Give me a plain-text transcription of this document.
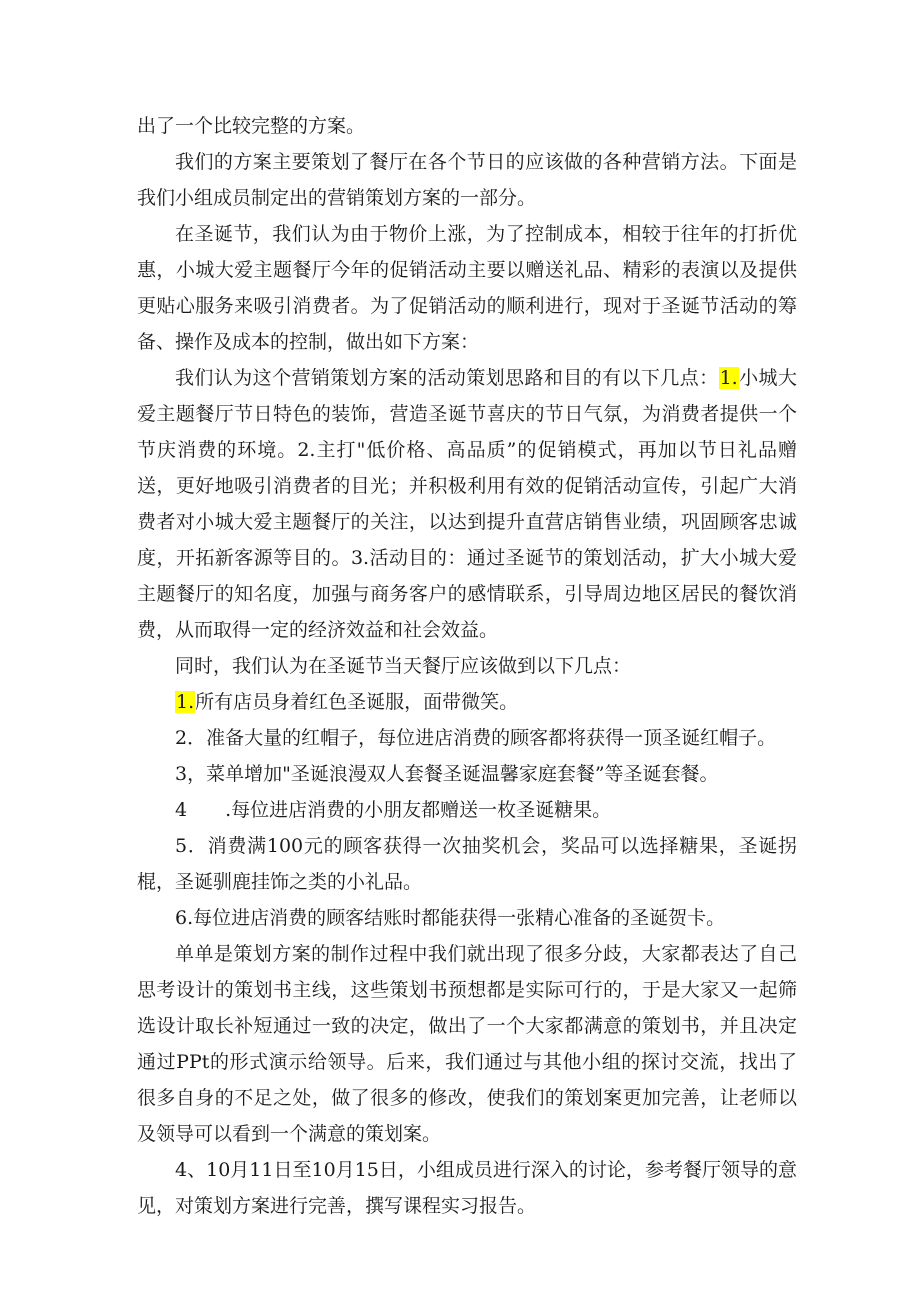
出了一个比较完整的方案。

我们的方案主要策划了餐厅在各个节日的应该做的各种营销方法。下面是我们小组成员制定出的营销策划方案的一部分。

在圣诞节，我们认为由于物价上涨，为了控制成本，相较于往年的打折优惠，小城大爱主题餐厅今年的促销活动主要以赠送礼品、精彩的表演以及提供更贴心服务来吸引消费者。为了促销活动的顺利进行，现对于圣诞节活动的筹备、操作及成本的控制，做出如下方案：

我们认为这个营销策划方案的活动策划思路和目的有以下几点：1.小城大爱主题餐厅节日特色的装饰，营造圣诞节喜庆的节日气氛，为消费者提供一个节庆消费的环境。2.主打"低价格、高品质”的促销模式，再加以节日礼品赠送，更好地吸引消费者的目光；并积极利用有效的促销活动宣传，引起广大消费者对小城大爱主题餐厅的关注，以达到提升直营店销售业绩，巩固顾客忠诚度，开拓新客源等目的。3.活动目的：通过圣诞节的策划活动，扩大小城大爱主题餐厅的知名度，加强与商务客户的感情联系，引导周边地区居民的餐饮消费，从而取得一定的经济效益和社会效益。

同时，我们认为在圣诞节当天餐厅应该做到以下几点：

1.所有店员身着红色圣诞服，面带微笑。

2．准备大量的红帽子，每位进店消费的顾客都将获得一顶圣诞红帽子。

3，菜单增加"圣诞浪漫双人套餐圣诞温馨家庭套餐”等圣诞套餐。

4　　.每位进店消费的小朋友都赠送一枚圣诞糖果。

5．消费满100元的顾客获得一次抽奖机会，奖品可以选择糖果，圣诞拐棍，圣诞驯鹿挂饰之类的小礼品。

6.每位进店消费的顾客结账时都能获得一张精心准备的圣诞贺卡。

单单是策划方案的制作过程中我们就出现了很多分歧，大家都表达了自己思考设计的策划书主线，这些策划书预想都是实际可行的，于是大家又一起筛选设计取长补短通过一致的决定，做出了一个大家都满意的策划书，并且决定通过PPt的形式演示给领导。后来，我们通过与其他小组的探讨交流，找出了很多自身的不足之处，做了很多的修改，使我们的策划案更加完善，让老师以及领导可以看到一个满意的策划案。

4、10月11日至10月15日，小组成员进行深入的讨论，参考餐厅领导的意见，对策划方案进行完善，撰写课程实习报告。
